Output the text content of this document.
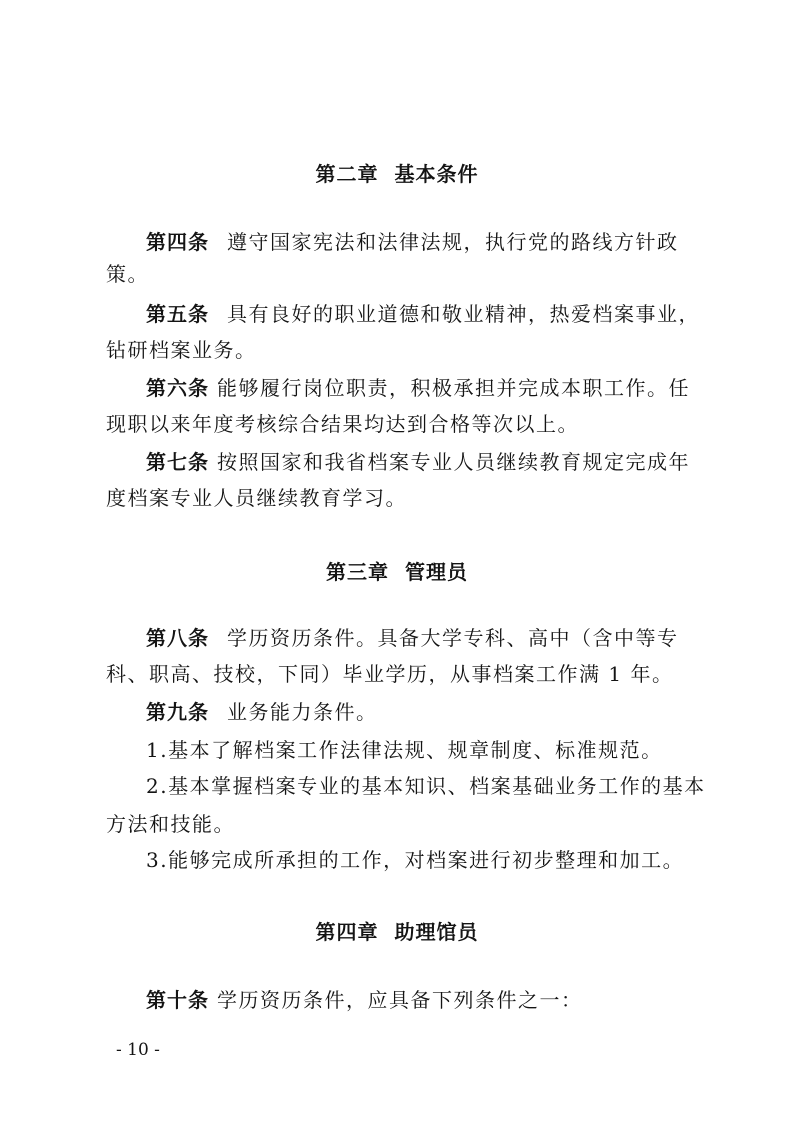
第二章  基本条件
第四条 遵守国家宪法和法律法规，执行党的路线方针政
策。
第五条 具有良好的职业道德和敬业精神，热爱档案事业，
钻研档案业务。
第六条 能够履行岗位职责，积极承担并完成本职工作。任
现职以来年度考核综合结果均达到合格等次以上。
第七条 按照国家和我省档案专业人员继续教育规定完成年
度档案专业人员继续教育学习。
第三章  管理员
第八条 学历资历条件。具备大学专科、高中（含中等专
科、职高、技校，下同）毕业学历，从事档案工作满 1 年。
第九条 业务能力条件。
1.基本了解档案工作法律法规、规章制度、标准规范。
2.基本掌握档案专业的基本知识、档案基础业务工作的基本
方法和技能。
3.能够完成所承担的工作，对档案进行初步整理和加工。
第四章  助理馆员
第十条 学历资历条件，应具备下列条件之一：
- 10 -
